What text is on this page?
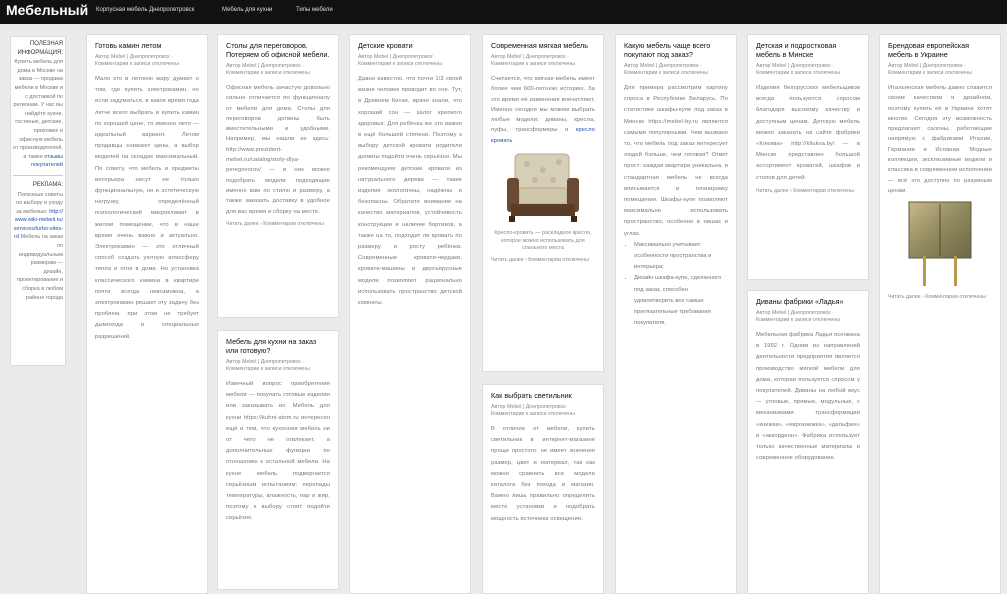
Мебельный Корпусная мебель Днепропетровск	Мебель для кухни	Типы мебели
ПОЛЕЗНАЯ ИНФОРМАЦИЯ:
Купить мебель для дома в Москве на заказ — продажа мебели в Москве и с доставкой по регионам. У нас вы найдёте кухни, гостиные, детские, прихожие и офисную мебель от производителей, а также отзывы покупателей
РЕКЛАМА:
Полезные советы по выбору и уходу за мебелью: http://www.wiki-mebeli.ru/services/turbo-sites-rd Мебель на заказ по индивидуальным размерам — дизайн, проектирование и сборка в любом районе города
Готовь камин летом
Автор Mebel | Днепропетровск · Комментарии к записи отключены
Мало кто в летнюю жару думает о том, где купить электрокамин, но если задуматься, в какое время года легче всего выбрать и купить камин по хорошей цене, то именно лето — идеальный вариант. Летом продавцы снижают цены, а выбор моделей на складах максимальный. По совету, что мебель и предметы интерьера несут не только функциональную, но и эстетическую нагрузку, определённый психологический микроклимат в жилом помещении, что в наше время очень важно и актуально. Электрокамин — это отличный способ создать уютную атмосферу тепла и огня в доме. Но установка классического камина в квартире почти всегда невозможна, а электрокамин решает эту задачу без проблем, при этом не требует дымохода и специальных разрешений.
Столы для переговоров. Потеряем об офисной мебели.
Автор Mebel | Днепропетровск · Комментарии к записи отключены
Офисная мебель зачастую довольно сильно отличается по функционалу от мебели для дома. Столы для переговоров должны быть вместительными и удобными. Например, мы нашли их здесь: http://www.prezident-mebel.ru/catalog/stoly-dlya-peregovorov/ — в них можно подобрать модели подходящие именно вам по стилю и размеру, а также заказать доставку в удобное для вас время и сборку на месте.
Читать далее › Комментарии отключены
Мебель для кухни на заказ или готовую?
Автор Mebel | Днепропетровск · Комментарии к записи отключены
Извечный вопрос приобретения мебели — покупать готовые изделия или заказывать их. Мебель для кухни https://kuhni-atom.ru интересен ещё и тем, что кухонная мебель ни от чего не отвлекает, а дополнительные функции по отношению к остальной мебели. На кухне мебель подвергается серьёзным испытаниям: перепады температуры, влажность, пар и жир, поэтому к выбору стоит подойти серьёзно.
Детские кровати
Автор Mebel | Днепропетровск · Комментарии к записи отключены
Давно известно, что почти 1/3 своей жизни человек проводит во сне. Тут, в Древнем Китае, врачи знали, что хороший сон — залог крепкого здоровья. Для ребёнка же это важно в ещё большей степени. Поэтому к выбору детской кровати родители должны подойти очень серьёзно. Мы рекомендуем детские кровати из натурального дерева — такие изделия экологичны, надёжны и безопасны. Обратите внимание на качество материалов, устойчивость конструкции и наличие бортиков, а также на то, подходит ли кровать по размеру и росту ребёнка. Современные кровати-чердаки, кровати-машины и двухъярусные модели позволяют рационально использовать пространство детской комнаты.
Современная мягкая мебель
Автор Mebel | Днепропетровск · Комментарии к записи отключены
Считается, что мягкая мебель имеет более чем 600-летнюю историю. За это время её изменения впечатляют. Именно сегодня мы можем выбрать любые модели: диваны, кресла, пуфы, трансформеры и кресло кровать
Кресло-кровать — раскладное кресло, которое можно использовать для спального места
Читать далее › Комментарии отключены
Как выбрать светильник
Автор Mebel | Днепропетровск · Комментарии к записи отключены
В отличие от мебели, купить светильник в интернет-магазине проще простого: не имеет значения размер, цвет и материал, так как можно сравнить все модели каталога без похода в магазин. Важно лишь правильно определить место установки и подобрать мощность источника освещения.
Какую мебель чаще всего покупают под заказ?
Автор Mebel | Днепропетровск · Комментарии к записи отключены
Для примера рассмотрим картину спроса в Республике Беларусь. По статистике шкафы-купе под заказ в Минске https://mebel-by.ru являются самыми популярными. Чем вызвано то, что мебель под заказ интересует людей больше, чем готовая? Ответ прост: каждая квартира уникальна, и стандартная мебель не всегда вписывается в планировку помещения. Шкафы-купе позволяют максимально использовать пространство, особенно в нишах и углах.
• Максимально учитывает особенности пространства и интерьера;
• Дизайн шкафа-купе, сделанного под заказ, способен удовлетворить все самые притязательные требования покупателя.
Детская и подростковая мебель в Минске
Автор Mebel | Днепропетровск · Комментарии к записи отключены
Изделия белорусских мебельщиков всегда пользуются спросом благодаря высокому качеству и доступным ценам. Детскую мебель можно заказать на сайте фабрики «Клюква» http://kliukva.by/ — в Минске представлен большой ассортимент кроватей, шкафов и столов для детей.
Читать далее › Комментарии отключены
Диваны фабрики «Ладья»
Автор Mebel | Днепропетровск · Комментарии к записи отключены
Мебельная фабрика Ладья основана в 1992 г. Одним из направлений деятельности предприятия является производство мягкой мебели для дома, которая пользуется спросом у покупателей. Диваны на любой вкус — угловые, прямые, модульные, с механизмами трансформации «книжка», «еврокнижка», «дельфин» и «аккордеон». Фабрика использует только качественные материалы и современное оборудование.
Брендовая европейская мебель в Украине
Автор Mebel | Днепропетровск · Комментарии к записи отключены
Итальянская мебель давно славится своим качеством и дизайном, поэтому купить её в Украине хотят многие. Сегодня эту возможность предлагают салоны, работающие напрямую с фабриками Италии, Германии и Испании. Модные коллекции, эксклюзивные модели и классика в современном исполнении — всё это доступно по разумным ценам.
Читать далее › Комментарии отключены
